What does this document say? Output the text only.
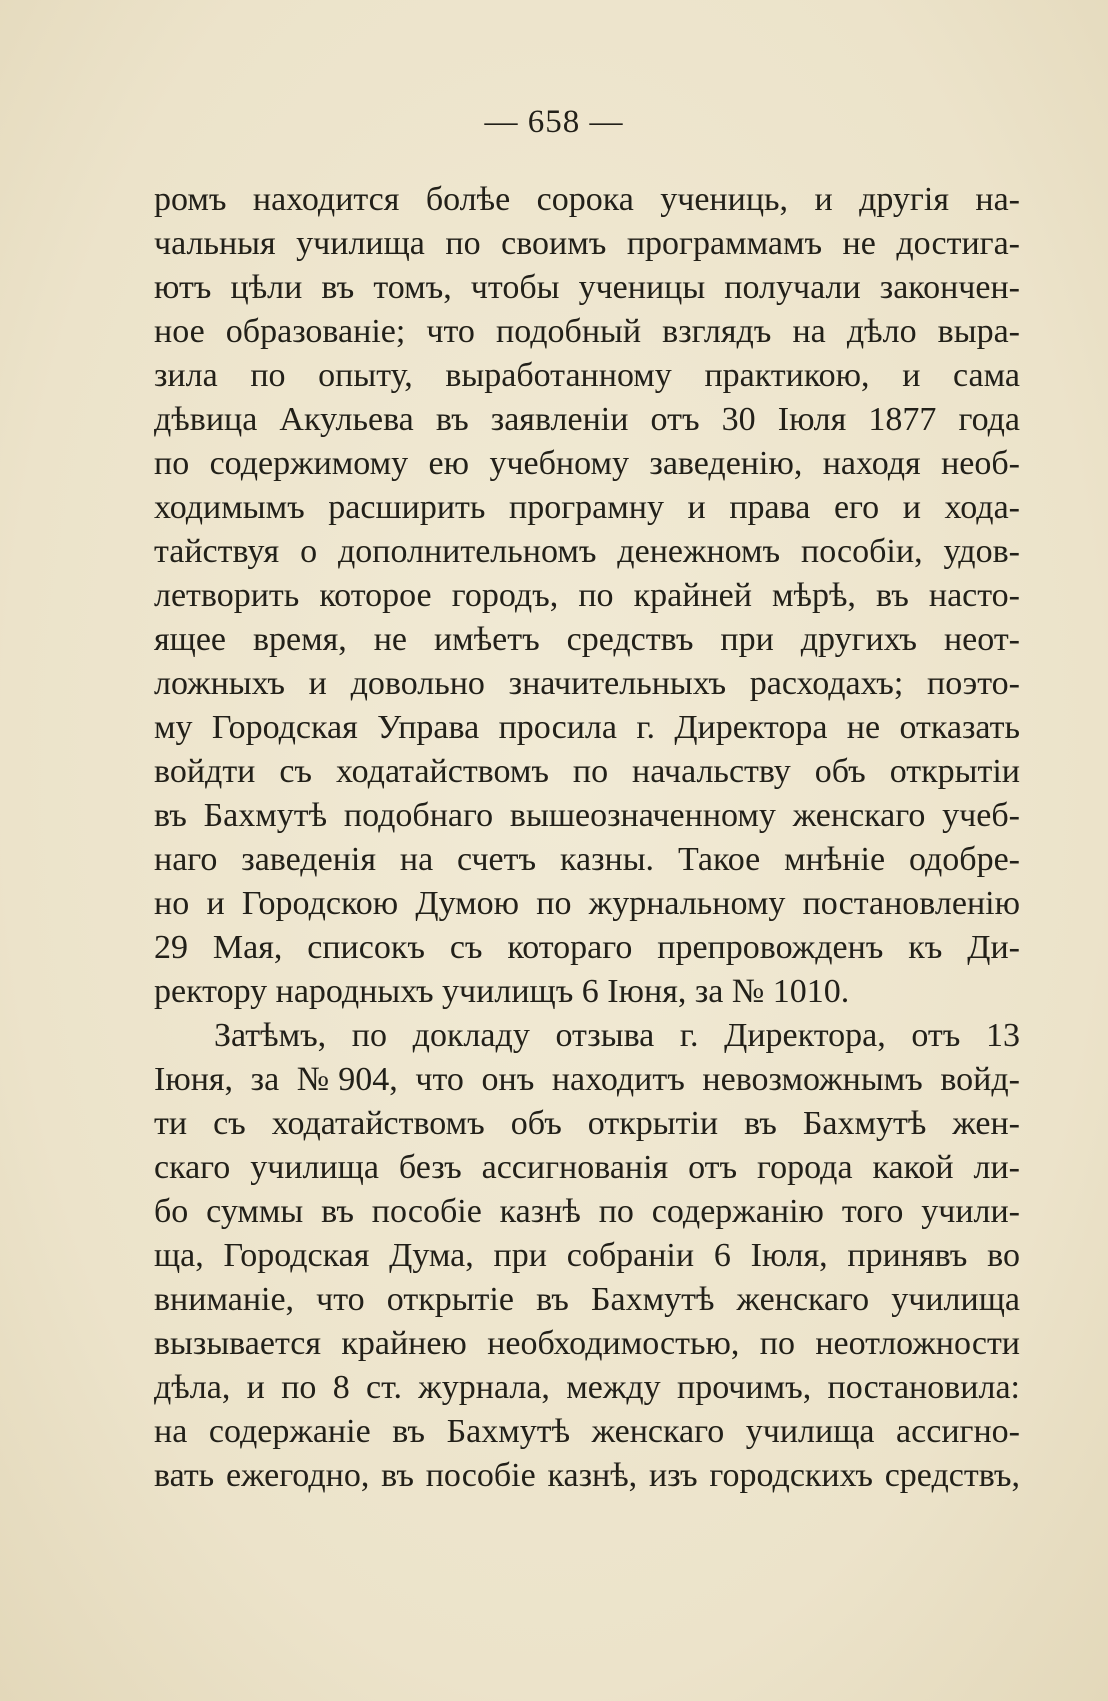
— 658 —
ромъ находится болѣе сорока учениць, и другія на-
чальныя училища по своимъ программамъ не достига-
ютъ цѣли въ томъ, чтобы ученицы получали закончен-
ное образованіе; что подобный взглядъ на дѣло выра-
зила по опыту, выработанному практикою, и сама
дѣвица Акульева въ заявленіи отъ 30 Іюля 1877 года
по содержимому ею учебному заведенію, находя необ-
ходимымъ расширить програмну и права его и хода-
тайствуя о дополнительномъ денежномъ пособіи, удов-
летворить которое городъ, по крайней мѣрѣ, въ насто-
ящее время, не имѣетъ средствъ при другихъ неот-
ложныхъ и довольно значительныхъ расходахъ; поэто-
му Городская Управа просила г. Директора не отказать
войдти съ ходатайствомъ по начальству объ открытіи
въ Бахмутѣ подобнаго вышеозначенному женскаго учеб-
наго заведенія на счетъ казны. Такое мнѣніе одобре-
но и Городскою Думою по журнальному постановленію
29 Мая, списокъ съ котораго препровожденъ къ Ди-
ректору народныхъ училищъ 6 Іюня, за № 1010.
Затѣмъ, по докладу отзыва г. Директора, отъ 13
Іюня, за №904, что онъ находитъ невозможнымъ войд-
ти съ ходатайствомъ объ открытіи въ Бахмутѣ жен-
скаго училища безъ ассигнованія отъ города какой ли-
бо суммы въ пособіе казнѣ по содержанію того учили-
ща, Городская Дума, при собраніи 6 Іюля, принявъ во
вниманіе, что открытіе въ Бахмутѣ женскаго училища
вызывается крайнею необходимостью, по неотложности
дѣла, и по 8 ст. журнала, между прочимъ, постановила:
на содержаніе въ Бахмутѣ женскаго училища ассигно-
вать ежегодно, въ пособіе казнѣ, изъ городскихъ средствъ,
